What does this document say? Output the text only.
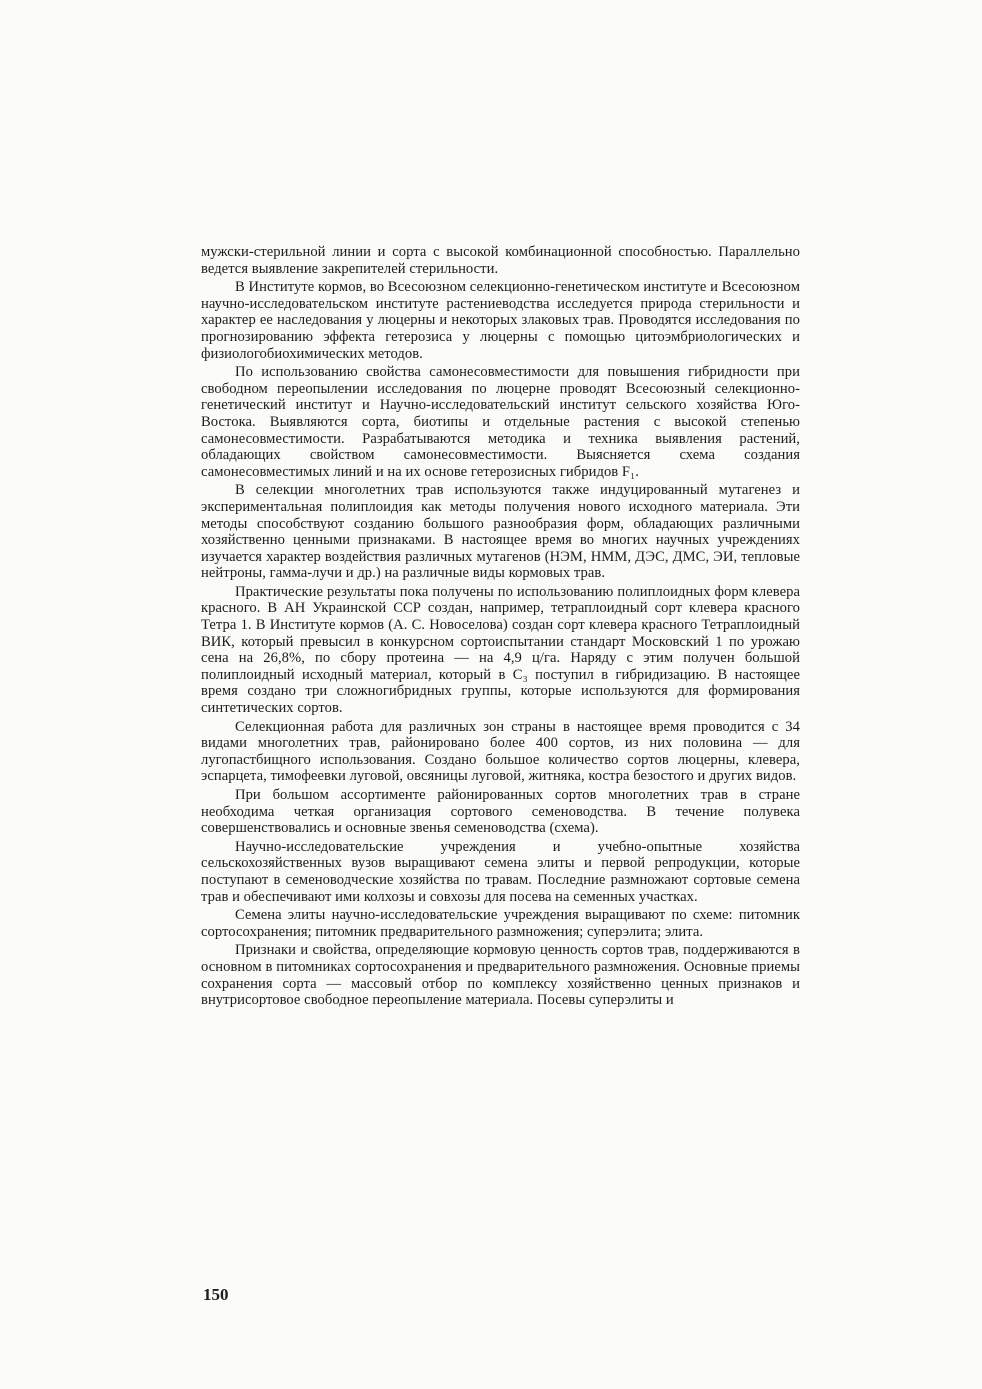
мужски-стерильной линии и сорта с высокой комбинационной способностью. Параллельно ведется выявление закрепителей стерильности.

В Институте кормов, во Всесоюзном селекционно-генетическом институте и Всесоюзном научно-исследовательском институте растениеводства исследуется природа стерильности и характер ее наследования у люцерны и некоторых злаковых трав. Проводятся исследования по прогнозированию эффекта гетерозиса у люцерны с помощью цитоэмбриологических и физиологобиохимических методов.

По использованию свойства самонесовместимости для повышения гибридности при свободном переопылении исследования по люцерне проводят Всесоюзный селекционно-генетический институт и Научно-исследовательский институт сельского хозяйства Юго-Востока. Выявляются сорта, биотипы и отдельные растения с высокой степенью самонесовместимости. Разрабатываются методика и техника выявления растений, обладающих свойством самонесовместимости. Выясняется схема создания самонесовместимых линий и на их основе гетерозисных гибридов F₁.

В селекции многолетних трав используются также индуцированный мутагенез и экспериментальная полиплоидия как методы получения нового исходного материала. Эти методы способствуют созданию большого разнообразия форм, обладающих различными хозяйственно ценными признаками. В настоящее время во многих научных учреждениях изучается характер воздействия различных мутагенов (НЭМ, НММ, ДЭС, ДМС, ЭИ, тепловые нейтроны, гамма-лучи и др.) на различные виды кормовых трав.

Практические результаты пока получены по использованию полиплоидных форм клевера красного. В АН Украинской ССР создан, например, тетраплоидный сорт клевера красного Тетра 1. В Институте кормов (А. С. Новоселова) создан сорт клевера красного Тетраплоидный ВИК, который превысил в конкурсном сортоиспытании стандарт Московский 1 по урожаю сена на 26,8%, по сбору протеина — на 4,9 ц/га. Наряду с этим получен большой полиплоидный исходный материал, который в C₃ поступил в гибридизацию. В настоящее время создано три сложногибридных группы, которые используются для формирования синтетических сортов.

Селекционная работа для различных зон страны в настоящее время проводится с 34 видами многолетних трав, районировано более 400 сортов, из них половина — для лугопастбищного использования. Создано большое количество сортов люцерны, клевера, эспарцета, тимофеевки луговой, овсяницы луговой, житняка, костра безостого и других видов.

При большом ассортименте районированных сортов многолетних трав в стране необходима четкая организация сортового семеноводства. В течение полувека совершенствовались и основные звенья семеноводства (схема).

Научно-исследовательские учреждения и учебно-опытные хозяйства сельскохозяйственных вузов выращивают семена элиты и первой репродукции, которые поступают в семеноводческие хозяйства по травам. Последние размножают сортовые семена трав и обеспечивают ими колхозы и совхозы для посева на семенных участках.

Семена элиты научно-исследовательские учреждения выращивают по схеме: питомник сортосохранения; питомник предварительного размножения; суперэлита; элита.

Признаки и свойства, определяющие кормовую ценность сортов трав, поддерживаются в основном в питомниках сортосохранения и предварительного размножения. Основные приемы сохранения сорта — массовый отбор по комплексу хозяйственно ценных признаков и внутрисортовое свободное переопыление материала. Посевы суперэлиты и

150
